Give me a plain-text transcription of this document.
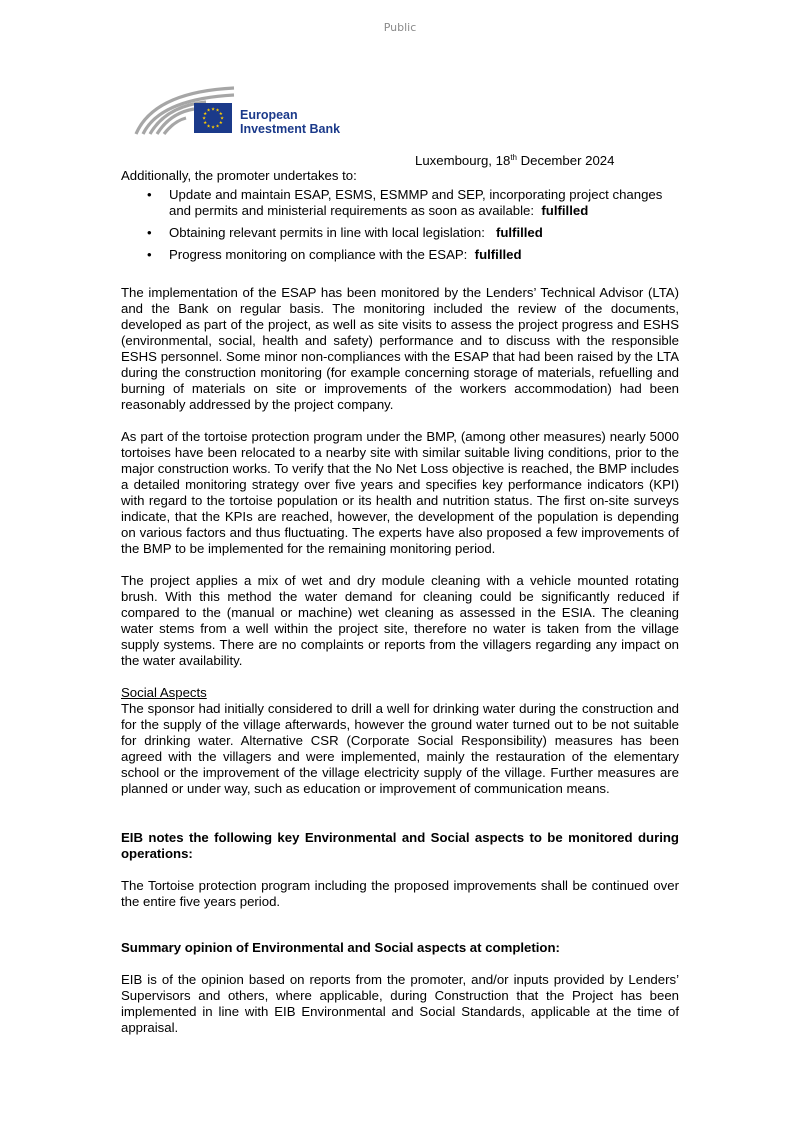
Public
★ ★
★
★
★
★
★
★
★
★
★
★ European
Investment Bank
Luxembourg, 18th December 2024

Additionally, the promoter undertakes to:

• Update and maintain ESAP, ESMS, ESMMP and SEP, incorporating project changes and permits and ministerial requirements as soon as available: fulfilled
• Obtaining relevant permits in line with local legislation: fulfilled
• Progress monitoring on compliance with the ESAP: fulfilled

The implementation of the ESAP has been monitored by the Lenders’ Technical Advisor (LTA) and the Bank on regular basis. The monitoring included the review of the documents, developed as part of the project, as well as site visits to assess the project progress and ESHS (environmental, social, health and safety) performance and to discuss with the responsible ESHS personnel. Some minor non-compliances with the ESAP that had been raised by the LTA during the construction monitoring (for example concerning storage of materials, refuelling and burning of materials on site or improvements of the workers accommodation) had been reasonably addressed by the project company.

As part of the tortoise protection program under the BMP, (among other measures) nearly 5000 tortoises have been relocated to a nearby site with similar suitable living conditions, prior to the major construction works. To verify that the No Net Loss objective is reached, the BMP includes a detailed monitoring strategy over five years and specifies key performance indicators (KPI) with regard to the tortoise population or its health and nutrition status. The first on-site surveys indicate, that the KPIs are reached, however, the development of the population is depending on various factors and thus fluctuating. The experts have also proposed a few improvements of the BMP to be implemented for the remaining monitoring period.

The project applies a mix of wet and dry module cleaning with a vehicle mounted rotating brush. With this method the water demand for cleaning could be significantly reduced if compared to the (manual or machine) wet cleaning as assessed in the ESIA. The cleaning water stems from a well within the project site, therefore no water is taken from the village supply systems. There are no complaints or reports from the villagers regarding any impact on the water availability.

Social Aspects

The sponsor had initially considered to drill a well for drinking water during the construction and for the supply of the village afterwards, however the ground water turned out to be not suitable for drinking water. Alternative CSR (Corporate Social Responsibility) measures has been agreed with the villagers and were implemented, mainly the restauration of the elementary school or the improvement of the village electricity supply of the village. Further measures are planned or under way, such as education or improvement of communication means.

EIB notes the following key Environmental and Social aspects to be monitored during operations:

The Tortoise protection program including the proposed improvements shall be continued over the entire five years period.

Summary opinion of Environmental and Social aspects at completion:

EIB is of the opinion based on reports from the promoter, and/or inputs provided by Lenders’ Supervisors and others, where applicable, during Construction that the Project has been implemented in line with EIB Environmental and Social Standards, applicable at the time of appraisal.
